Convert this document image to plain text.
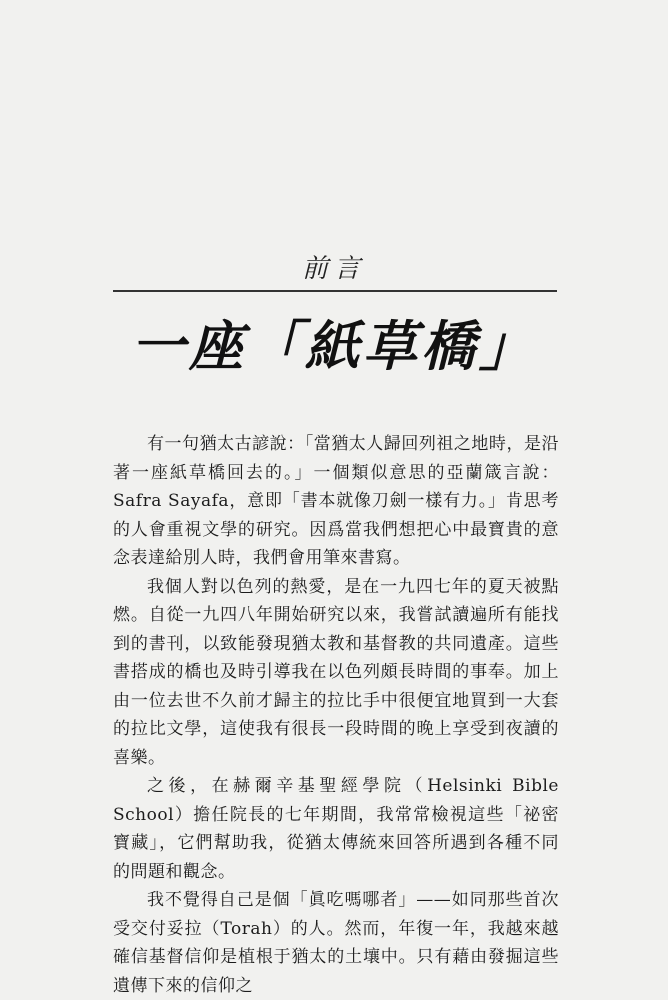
前言
一座「紙草橋」

有一句猶太古諺說：「當猶太人歸回列祖之地時，是沿著一座紙草橋回去的。」一個類似意思的亞蘭箴言說：Safra Sayafa，意即「書本就像刀劍一樣有力。」肯思考的人會重視文學的研究。因爲當我們想把心中最寶貴的意念表達給別人時，我們會用筆來書寫。

我個人對以色列的熱愛，是在一九四七年的夏天被點燃。自從一九四八年開始研究以來，我嘗試讀遍所有能找到的書刊，以致能發現猶太教和基督教的共同遺產。這些書搭成的橋也及時引導我在以色列頗長時間的事奉。加上由一位去世不久前才歸主的拉比手中很便宜地買到一大套的拉比文學，這使我有很長一段時間的晚上享受到夜讀的喜樂。

之後，在赫爾辛基聖經學院（Helsinki Bible School）擔任院長的七年期間，我常常檢視這些「祕密寶藏」，它們幫助我，從猶太傳統來回答所遇到各種不同的問題和觀念。

我不覺得自己是個「眞吃嗎哪者」——如同那些首次受交付妥拉（Torah）的人。然而，年復一年，我越來越確信基督信仰是植根于猶太的土壤中。只有藉由發掘這些遺傳下來的信仰之
